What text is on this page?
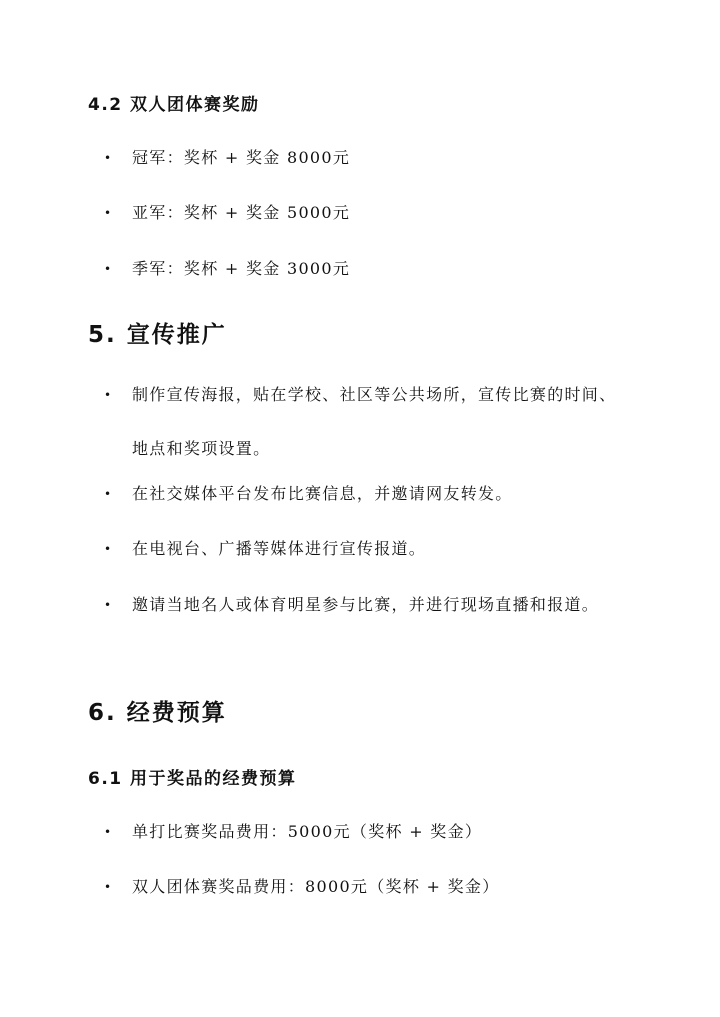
4.2 双人团体赛奖励
• 冠军：奖杯 + 奖金 8000元
• 亚军：奖杯 + 奖金 5000元
• 季军：奖杯 + 奖金 3000元
5. 宣传推广
• 制作宣传海报，贴在学校、社区等公共场所，宣传比赛的时间、地点和奖项设置。
• 在社交媒体平台发布比赛信息，并邀请网友转发。
• 在电视台、广播等媒体进行宣传报道。
• 邀请当地名人或体育明星参与比赛，并进行现场直播和报道。
6. 经费预算
6.1 用于奖品的经费预算
• 单打比赛奖品费用：5000元（奖杯 + 奖金）
• 双人团体赛奖品费用：8000元（奖杯 + 奖金）
